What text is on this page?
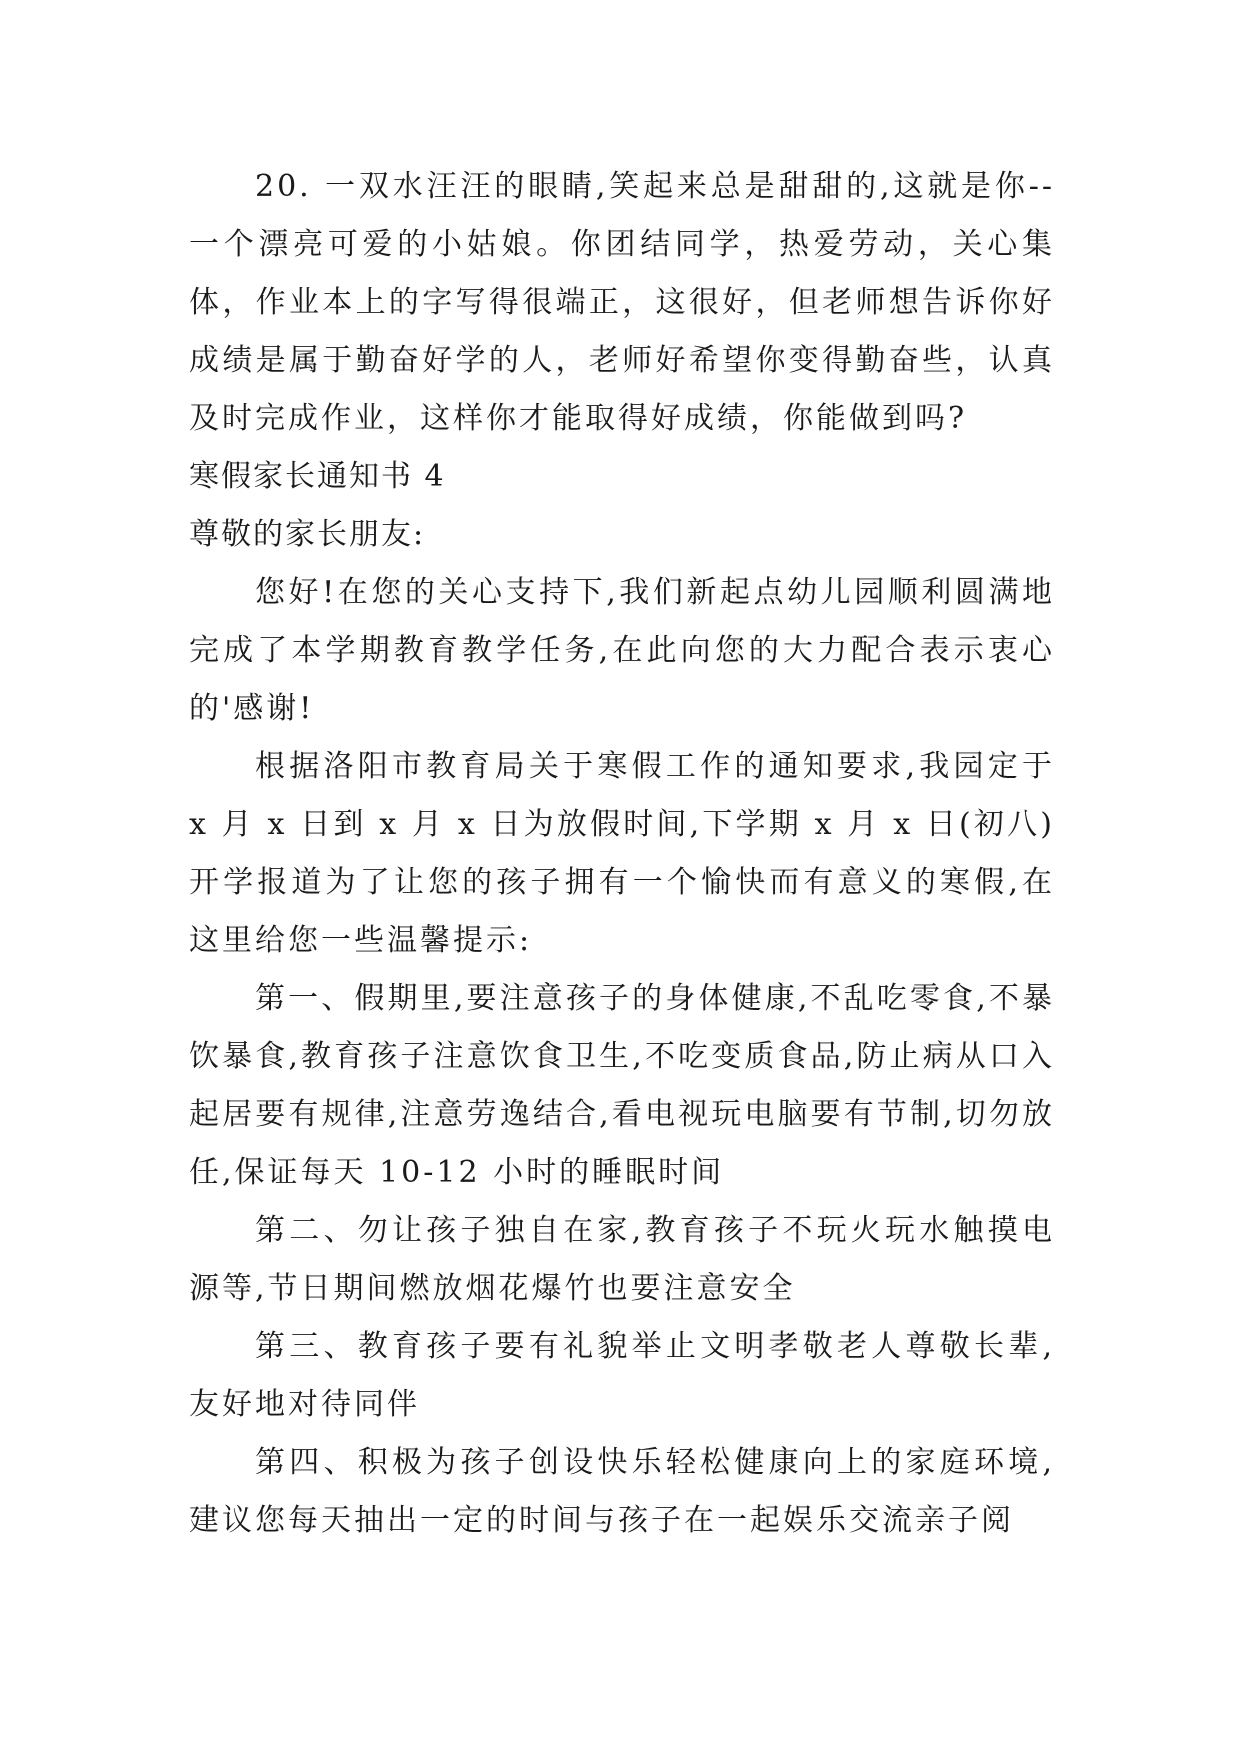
20. 一双水汪汪的眼睛,笑起来总是甜甜的,这就是你--一个漂亮可爱的小姑娘。你团结同学，热爱劳动，关心集体，作业本上的字写得很端正，这很好，但老师想告诉你好成绩是属于勤奋好学的人，老师好希望你变得勤奋些，认真及时完成作业，这样你才能取得好成绩，你能做到吗?

寒假家长通知书 4

尊敬的家长朋友:

您好!在您的关心支持下,我们新起点幼儿园顺利圆满地完成了本学期教育教学任务,在此向您的大力配合表示衷心的'感谢!

根据洛阳市教育局关于寒假工作的通知要求,我园定于 x 月 x 日到 x 月 x 日为放假时间,下学期 x 月 x 日(初八)开学报道为了让您的孩子拥有一个愉快而有意义的寒假,在这里给您一些温馨提示:

第一、假期里,要注意孩子的身体健康,不乱吃零食,不暴饮暴食,教育孩子注意饮食卫生,不吃变质食品,防止病从口入起居要有规律,注意劳逸结合,看电视玩电脑要有节制,切勿放任,保证每天 10-12 小时的睡眠时间

第二、勿让孩子独自在家,教育孩子不玩火玩水触摸电源等,节日期间燃放烟花爆竹也要注意安全

第三、教育孩子要有礼貌举止文明孝敬老人尊敬长辈,友好地对待同伴

第四、积极为孩子创设快乐轻松健康向上的家庭环境,建议您每天抽出一定的时间与孩子在一起娱乐交流亲子阅
